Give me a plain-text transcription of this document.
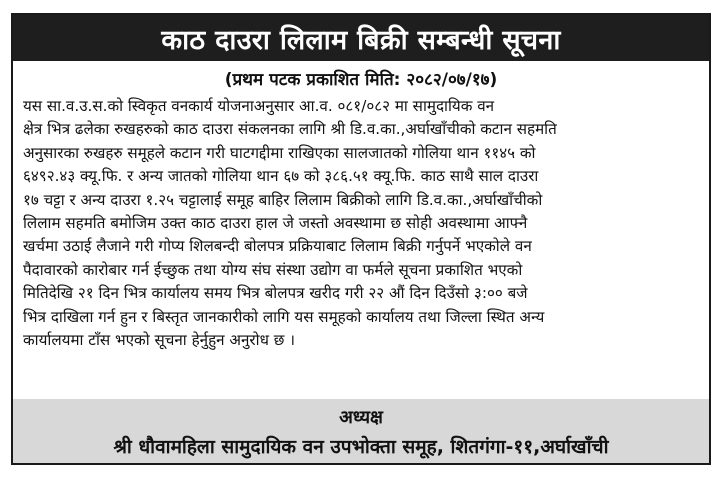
काठ दाउरा लिलाम बिक्री सम्बन्धी सूचना
(प्रथम पटक प्रकाशित मिति: २०८२/०७/१७)
यस सा.व.उ.स.को स्विकृत वनकार्य योजनाअनुसार आ.व. ०८१/०८२ मा सामुदायिक वन
क्षेत्र भित्र ढलेका रुखहरुको काठ दाउरा संकलनका लागि श्री डि.व.का.,अर्घाखाँचीको कटान सहमति
अनुसारका रुखहरु समूहले कटान गरी घाटगद्दीमा राखिएका सालजातको गोलिया थान ११४५ को
६४९२.४३ क्यू.फि. र अन्य जातको गोलिया थान ६७ को ३८६.५१ क्यू.फि. काठ साथै साल दाउरा
१७ चट्टा र अन्य दाउरा १.२५ चट्टालाई समूह बाहिर लिलाम बिक्रीको लागि डि.व.का.,अर्घाखाँचीको
लिलाम सहमति बमोजिम उक्त काठ दाउरा हाल जे जस्तो अवस्थामा छ सोही अवस्थामा आफ्नै
खर्चमा उठाई लैजाने गरी गोप्य शिलबन्दी बोलपत्र प्रक्रियाबाट लिलाम बिक्री गर्नुपर्ने भएकोले वन
पैदावारको कारोबार गर्न ईच्छुक तथा योग्य संघ संस्था उद्योग वा फर्मले सूचना प्रकाशित भएको
मितिदेखि २१ दिन भित्र कार्यालय समय भित्र बोलपत्र खरीद गरी २२ औं दिन दिउँसो ३:०० बजे
भित्र दाखिला गर्न हुन र बिस्तृत जानकारीको लागि यस समूहको कार्यालय तथा जिल्ला स्थित अन्य
कार्यालयमा टाँस भएको सूचना हेर्नुहुन अनुरोध छ ।
अध्यक्ष
श्री धौवामहिला सामुदायिक वन उपभोक्ता समूह, शितगंगा-११,अर्घाखाँची
